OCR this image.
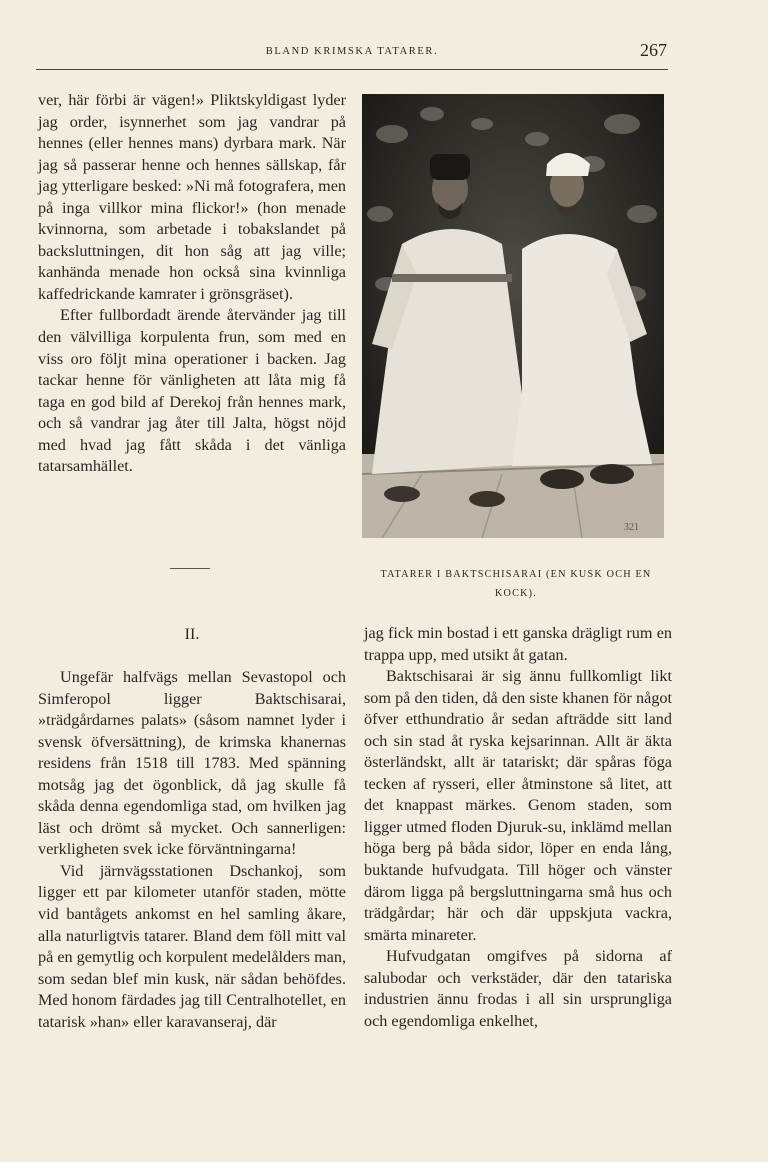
BLAND KRIMSKA TATARER.	267

ver, här förbi är vägen!» Pliktskyldigast lyder jag order, isynnerhet som jag vandrar på hennes (eller hennes mans) dyrbara mark. När jag så passerar henne och hennes sällskap, får jag ytterligare besked: »Ni må fotografera, men på inga villkor mina flickor!» (hon menade kvinnorna, som arbetade i tobakslandet på backsluttningen, dit hon såg att jag ville; kanhända menade hon också sina kvinnliga kaffedrickande kamrater i grönsgräset).

Efter fullbordadt ärende återvänder jag till den välvilliga korpulenta frun, som med en viss oro följt mina operationer i backen. Jag tackar henne för vänligheten att låta mig få taga en god bild af Derekoj från hennes mark, och så vandrar jag åter till Jalta, högst nöjd med hvad jag fått skåda i det vänliga tatarsamhället.

321
TATARER I BAKTSCHISARAI (EN KUSK OCH EN KOCK).
II.

Ungefär halfvägs mellan Sevastopol och Simferopol ligger Baktschisarai, »trädgårdarnes palats» (såsom namnet lyder i svensk öfversättning), de krimska khanernas residens från 1518 till 1783. Med spänning motsåg jag det ögonblick, då jag skulle få skåda denna egendomliga stad, om hvilken jag läst och drömt så mycket. Och sannerligen: verkligheten svek icke förväntningarna!

Vid järnvägsstationen Dschankoj, som ligger ett par kilometer utanför staden, mötte vid bantågets ankomst en hel samling åkare, alla naturligtvis tatarer. Bland dem föll mitt val på en gemytlig och korpulent medelålders man, som sedan blef min kusk, när sådan behöfdes. Med honom färdades jag till Centralhotellet, en tatarisk »han» eller karavanseraj, där

jag fick min bostad i ett ganska drägligt rum en trappa upp, med utsikt åt gatan.

Baktschisarai är sig ännu fullkomligt likt som på den tiden, då den siste khanen för något öfver etthundratio år sedan afträdde sitt land och sin stad åt ryska kejsarinnan. Allt är äkta österländskt, allt är tatariskt; där spåras föga tecken af rysseri, eller åtminstone så litet, att det knappast märkes. Genom staden, som ligger utmed floden Djuruk-su, inklämd mellan höga berg på båda sidor, löper en enda lång, buktande hufvudgata. Till höger och vänster därom ligga på bergsluttningarna små hus och trädgårdar; här och där uppskjuta vackra, smärta minareter.

Hufvudgatan omgifves på sidorna af salubodar och verkstäder, där den tatariska industrien ännu frodas i all sin ursprungliga och egendomliga enkelhet,
